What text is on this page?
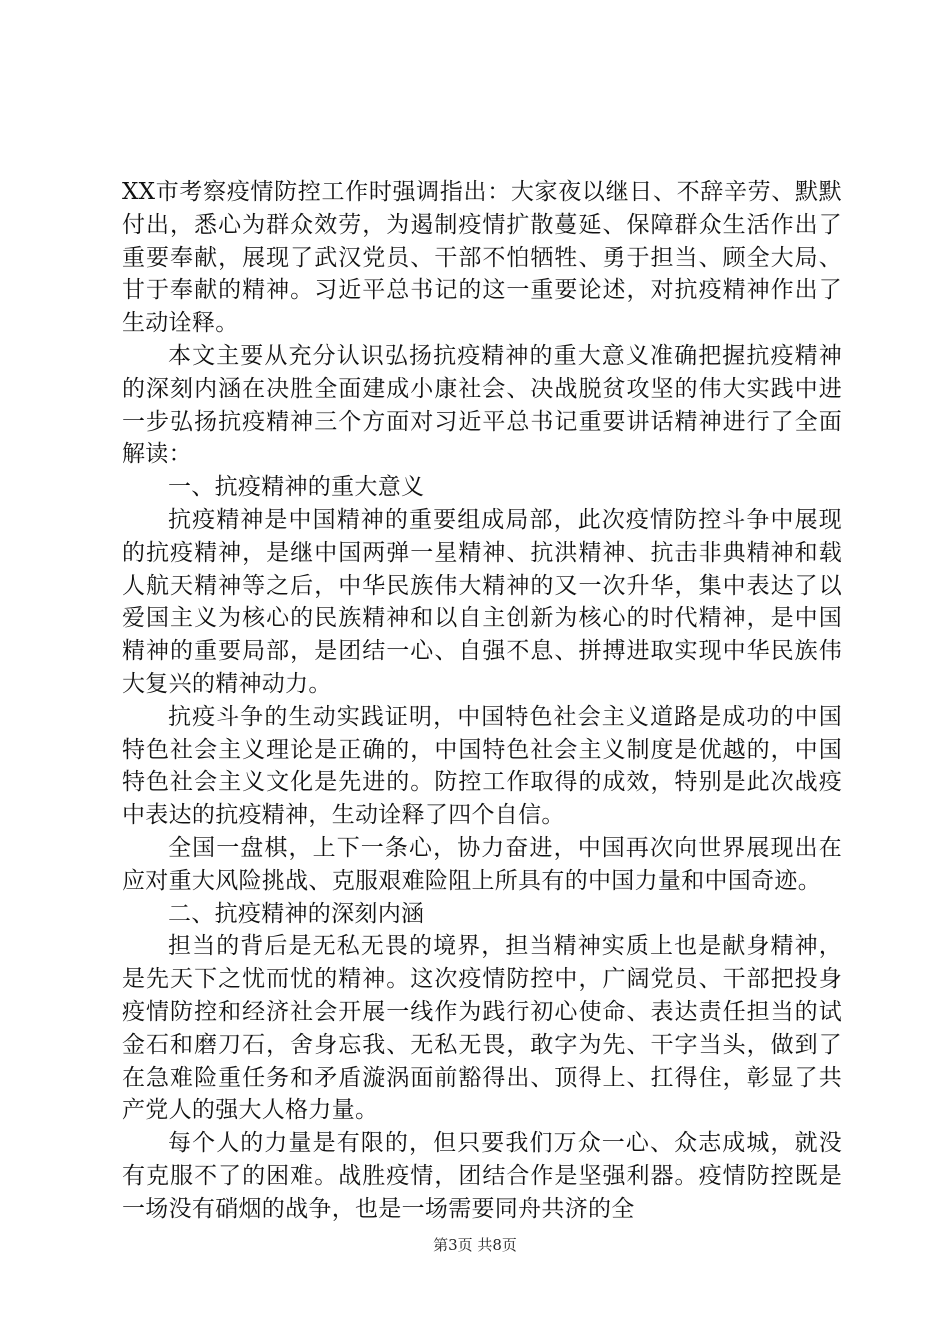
XX市考察疫情防控工作时强调指出：大家夜以继日、不辞辛劳、默默付出，悉心为群众效劳，为遏制疫情扩散蔓延、保障群众生活作出了重要奉献，展现了武汉党员、干部不怕牺牲、勇于担当、顾全大局、甘于奉献的精神。习近平总书记的这一重要论述，对抗疫精神作出了生动诠释。

本文主要从充分认识弘扬抗疫精神的重大意义准确把握抗疫精神的深刻内涵在决胜全面建成小康社会、决战脱贫攻坚的伟大实践中进一步弘扬抗疫精神三个方面对习近平总书记重要讲话精神进行了全面解读：

一、抗疫精神的重大意义

抗疫精神是中国精神的重要组成局部，此次疫情防控斗争中展现的抗疫精神，是继中国两弹一星精神、抗洪精神、抗击非典精神和载人航天精神等之后，中华民族伟大精神的又一次升华，集中表达了以爱国主义为核心的民族精神和以自主创新为核心的时代精神，是中国精神的重要局部，是团结一心、自强不息、拼搏进取实现中华民族伟大复兴的精神动力。

抗疫斗争的生动实践证明，中国特色社会主义道路是成功的中国特色社会主义理论是正确的，中国特色社会主义制度是优越的，中国特色社会主义文化是先进的。防控工作取得的成效，特别是此次战疫中表达的抗疫精神，生动诠释了四个自信。

全国一盘棋，上下一条心，协力奋进，中国再次向世界展现出在应对重大风险挑战、克服艰难险阻上所具有的中国力量和中国奇迹。

二、抗疫精神的深刻内涵

担当的背后是无私无畏的境界，担当精神实质上也是献身精神，是先天下之忧而忧的精神。这次疫情防控中，广阔党员、干部把投身疫情防控和经济社会开展一线作为践行初心使命、表达责任担当的试金石和磨刀石，舍身忘我、无私无畏，敢字为先、干字当头，做到了在急难险重任务和矛盾漩涡面前豁得出、顶得上、扛得住，彰显了共产党人的强大人格力量。

每个人的力量是有限的，但只要我们万众一心、众志成城，就没有克服不了的困难。战胜疫情，团结合作是坚强利器。疫情防控既是一场没有硝烟的战争，也是一场需要同舟共济的全

第3页 共8页
